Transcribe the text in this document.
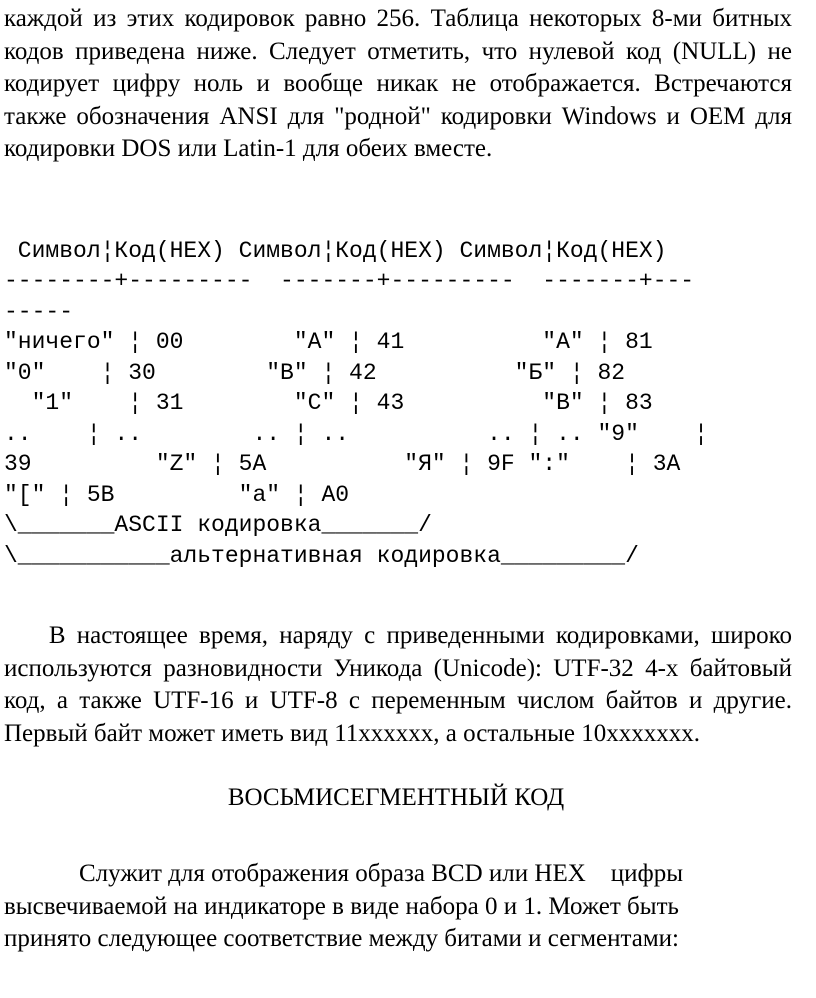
каждой из этих кодировок равно 256. Таблица некоторых 8-ми битных
кодов приведена ниже. Следует отметить, что нулевой код (NULL) не
кодирует цифру ноль и вообще никак не отображается. Встречаются
также обозначения ANSI для "родной" кодировки Windows и OEM для
кодировки DOS или Latin-1 для обеих вместе.

Символ¦Код(HEX) Символ¦Код(HEX) Символ¦Код(HEX)
--------+---------  -------+---------  -------+---
-----
"ничего" ¦ 00        "A" ¦ 41          "А" ¦ 81
"0"    ¦ 30        "B" ¦ 42          "Б" ¦ 82
"1"    ¦ 31        "C" ¦ 43          "В" ¦ 83
..    ¦ ..        .. ¦ ..          .. ¦ .. "9"    ¦
39         "Z" ¦ 5A          "Я" ¦ 9F ":"    ¦ 3A
"[" ¦ 5B         "a" ¦ A0
\_______ASCII кодировка_______/
\___________альтернативная кодировка_________/

В настоящее время, наряду с приведенными кодировками, широко
используются разновидности Уникода (Unicode): UTF-32 4-х байтовый
код, а также UTF-16 и UTF-8 с переменным числом байтов и другие.
Первый байт может иметь вид 11xxxxxx, а остальные 10xxxxxxx.
ВОСЬМИСЕГМЕНТНЫЙ КОД
Служит для отображения образа BCD или HEX    цифры
высвечиваемой на индикаторе в виде набора 0 и 1. Может быть
принято следующее соответствие между битами и сегментами:
